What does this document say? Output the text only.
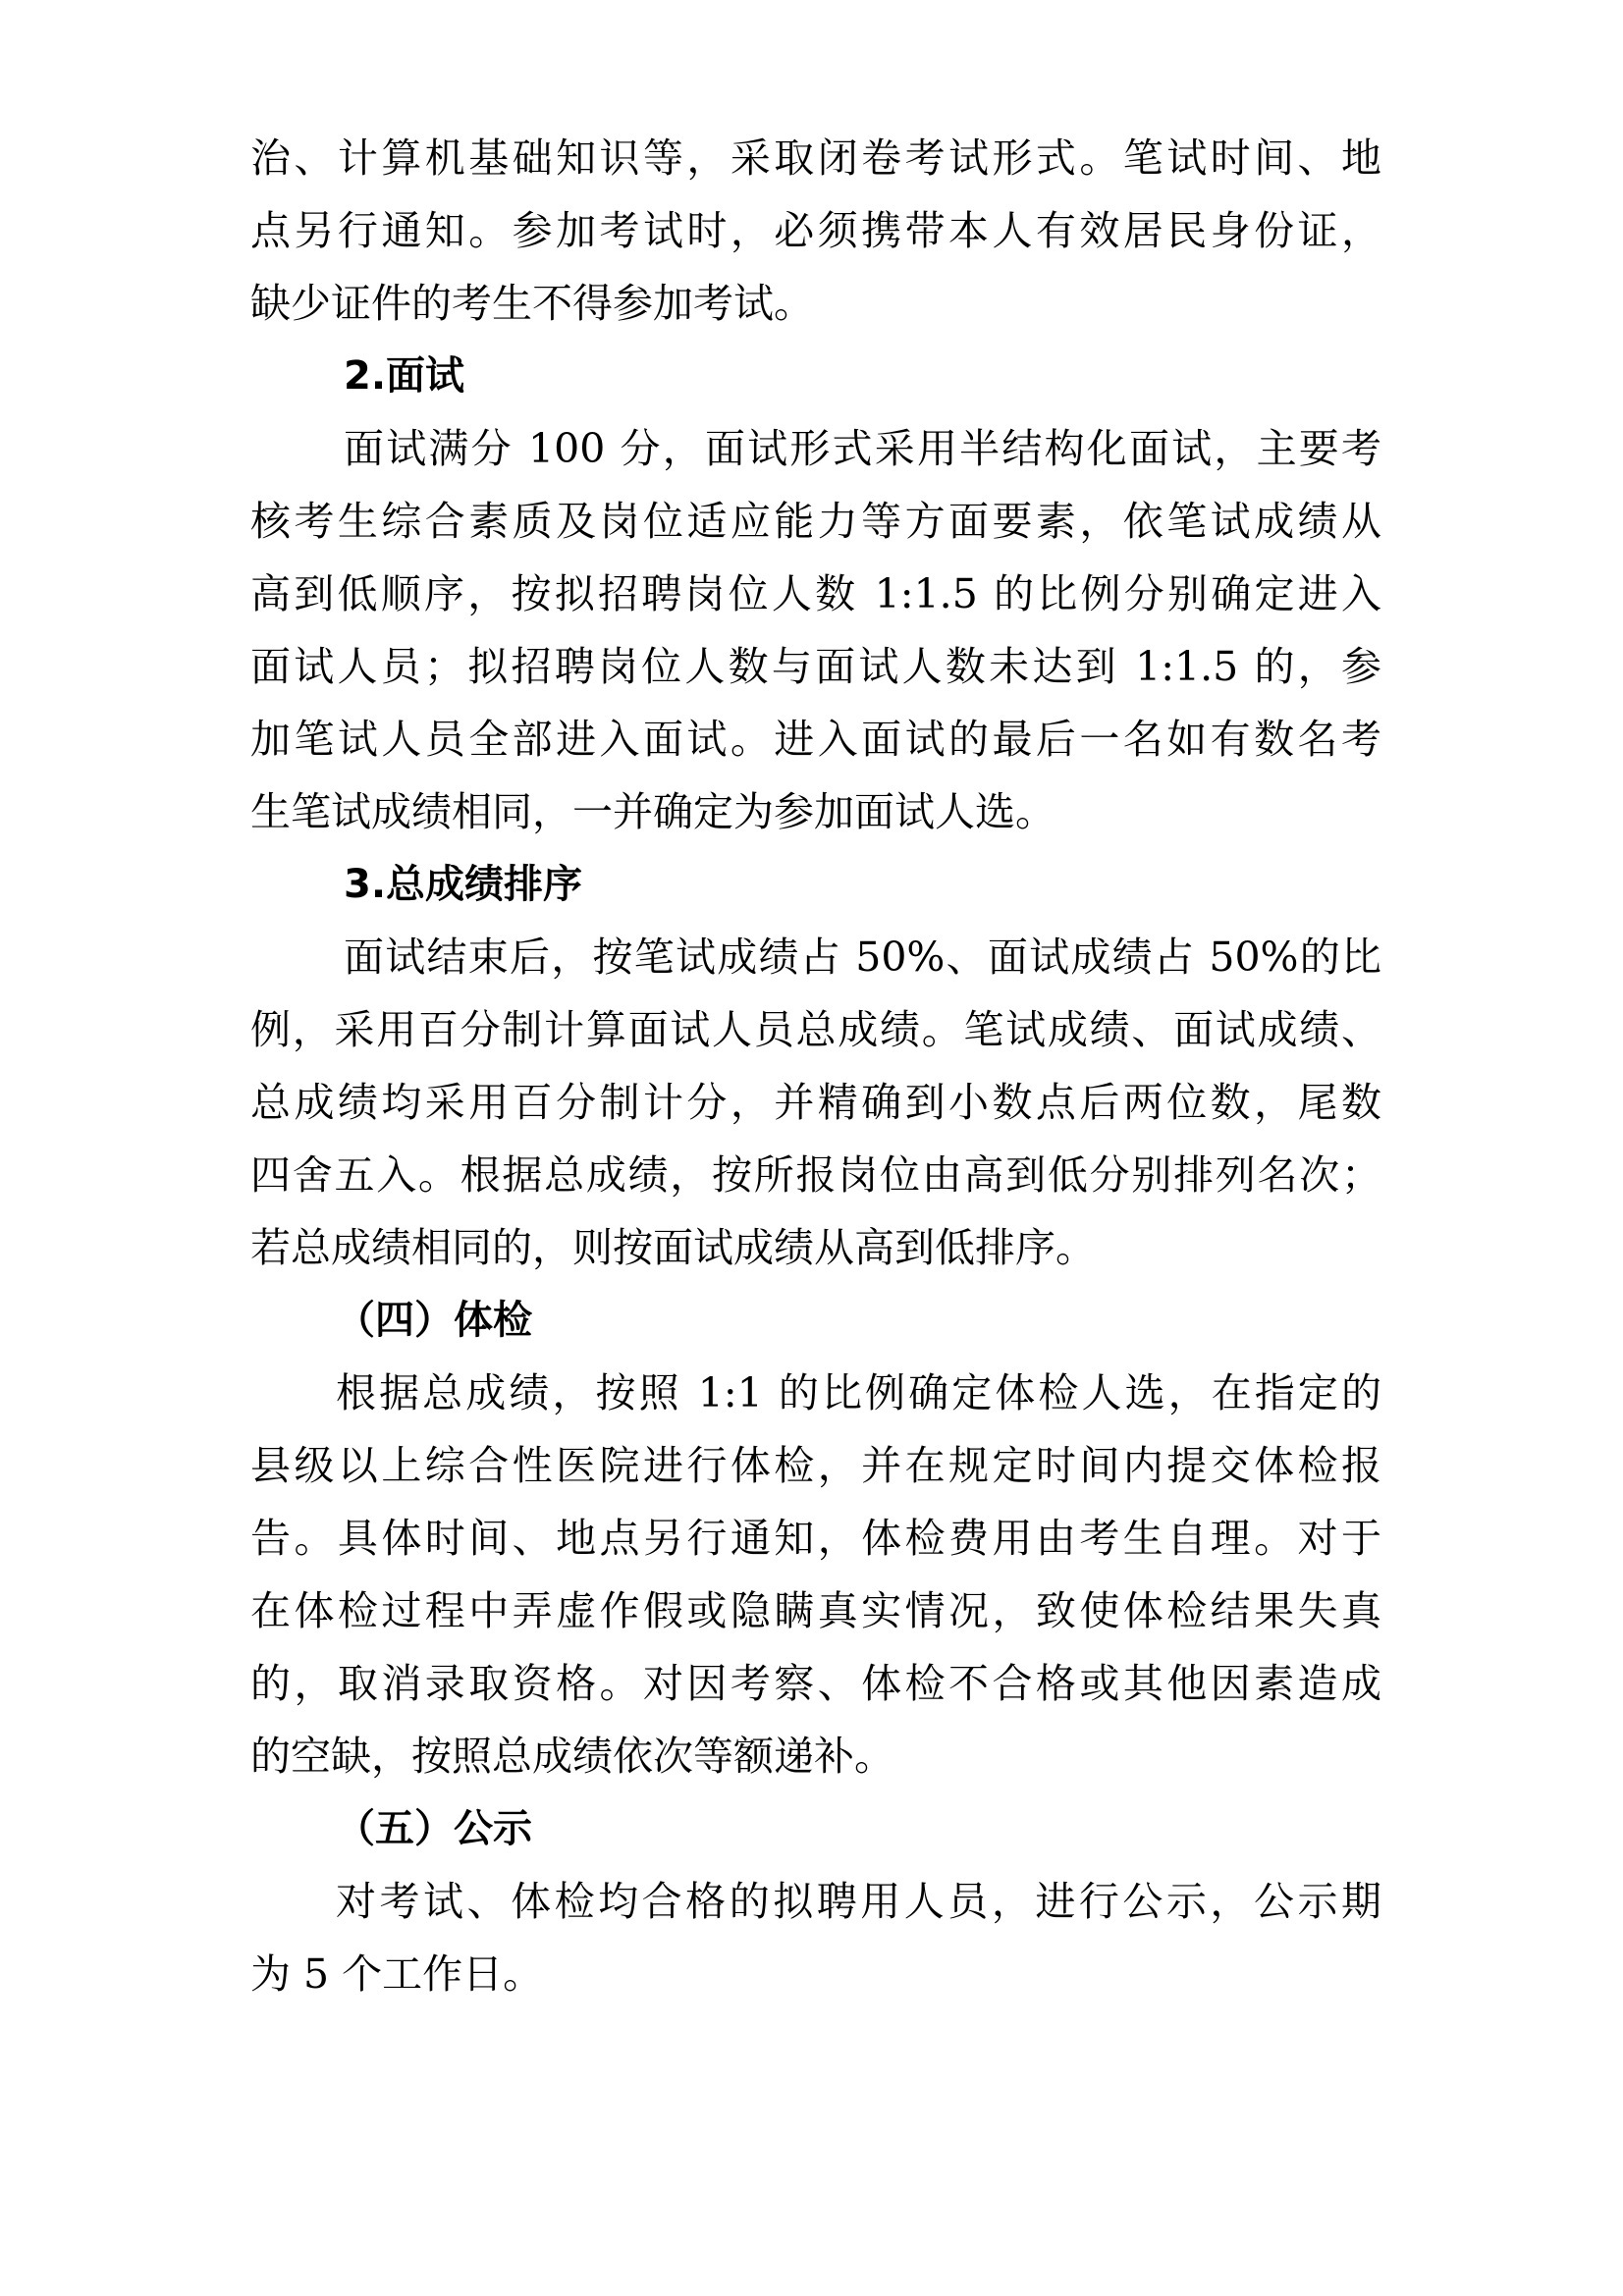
治、计算机基础知识等，采取闭卷考试形式。笔试时间、地
点另行通知。参加考试时，必须携带本人有效居民身份证，
缺少证件的考生不得参加考试。
2.面试
面试满分 100 分，面试形式采用半结构化面试，主要考
核考生综合素质及岗位适应能力等方面要素，依笔试成绩从
高到低顺序，按拟招聘岗位人数 1:1.5 的比例分别确定进入
面试人员；拟招聘岗位人数与面试人数未达到 1:1.5 的，参
加笔试人员全部进入面试。进入面试的最后一名如有数名考
生笔试成绩相同，一并确定为参加面试人选。
3.总成绩排序
面试结束后，按笔试成绩占 50%、面试成绩占 50%的比
例，采用百分制计算面试人员总成绩。笔试成绩、面试成绩、
总成绩均采用百分制计分，并精确到小数点后两位数，尾数
四舍五入。根据总成绩，按所报岗位由高到低分别排列名次；
若总成绩相同的，则按面试成绩从高到低排序。
（四）体检
根据总成绩，按照 1:1 的比例确定体检人选，在指定的
县级以上综合性医院进行体检，并在规定时间内提交体检报
告。具体时间、地点另行通知，体检费用由考生自理。对于
在体检过程中弄虚作假或隐瞒真实情况，致使体检结果失真
的，取消录取资格。对因考察、体检不合格或其他因素造成
的空缺，按照总成绩依次等额递补。
（五）公示
对考试、体检均合格的拟聘用人员，进行公示，公示期
为 5 个工作日。
